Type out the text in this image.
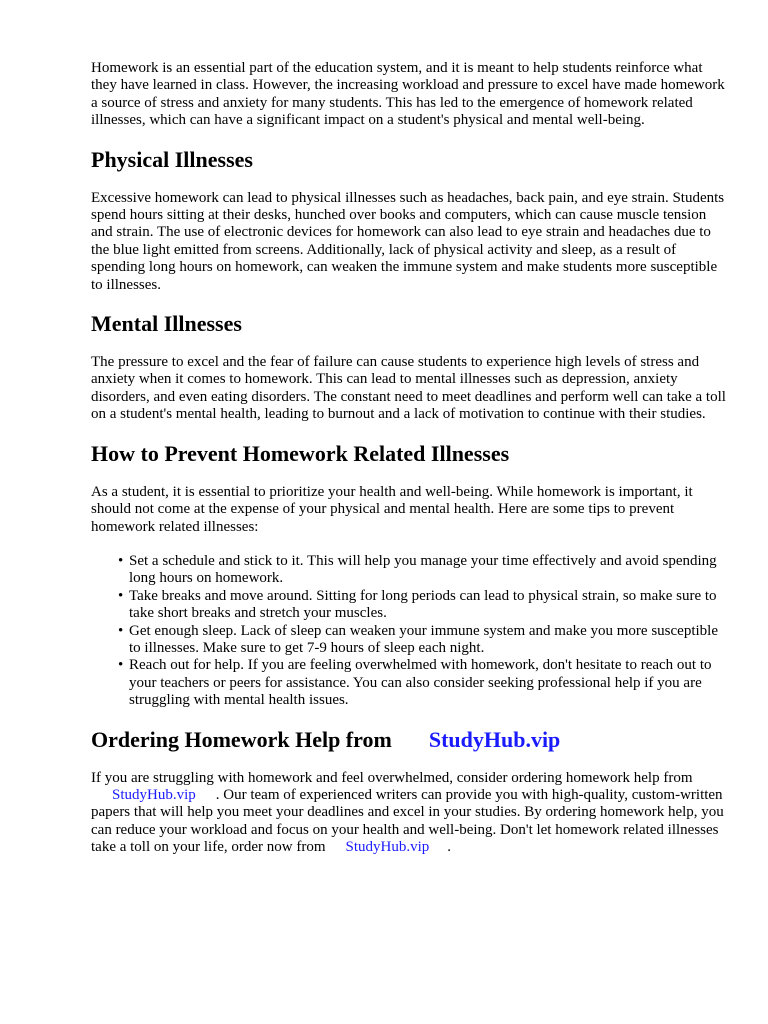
Homework is an essential part of the education system, and it is meant to help students reinforce what they have learned in class. However, the increasing workload and pressure to excel have made homework a source of stress and anxiety for many students. This has led to the emergence of homework related illnesses, which can have a significant impact on a student's physical and mental well-being.

Physical Illnesses

Excessive homework can lead to physical illnesses such as headaches, back pain, and eye strain. Students spend hours sitting at their desks, hunched over books and computers, which can cause muscle tension and strain. The use of electronic devices for homework can also lead to eye strain and headaches due to the blue light emitted from screens. Additionally, lack of physical activity and sleep, as a result of spending long hours on homework, can weaken the immune system and make students more susceptible to illnesses.

Mental Illnesses

The pressure to excel and the fear of failure can cause students to experience high levels of stress and anxiety when it comes to homework. This can lead to mental illnesses such as depression, anxiety disorders, and even eating disorders. The constant need to meet deadlines and perform well can take a toll on a student's mental health, leading to burnout and a lack of motivation to continue with their studies.

How to Prevent Homework Related Illnesses

As a student, it is essential to prioritize your health and well-being. While homework is important, it should not come at the expense of your physical and mental health. Here are some tips to prevent homework related illnesses:

• Set a schedule and stick to it. This will help you manage your time effectively and avoid spending long hours on homework.
• Take breaks and move around. Sitting for long periods can lead to physical strain, so make sure to take short breaks and stretch your muscles.
• Get enough sleep. Lack of sleep can weaken your immune system and make you more susceptible to illnesses. Make sure to get 7-9 hours of sleep each night.
• Reach out for help. If you are feeling overwhelmed with homework, don't hesitate to reach out to your teachers or peers for assistance. You can also consider seeking professional help if you are struggling with mental health issues.
Ordering Homework Help from StudyHub.vip

If you are struggling with homework and feel overwhelmed, consider ordering homework help from
StudyHub.vip . Our team of experienced writers can provide you with high-quality, custom-written papers that will help you meet your deadlines and excel in your studies. By ordering homework help, you can reduce your workload and focus on your health and well-being. Don't let homework related illnesses take a toll on your life, order now from StudyHub.vip .
